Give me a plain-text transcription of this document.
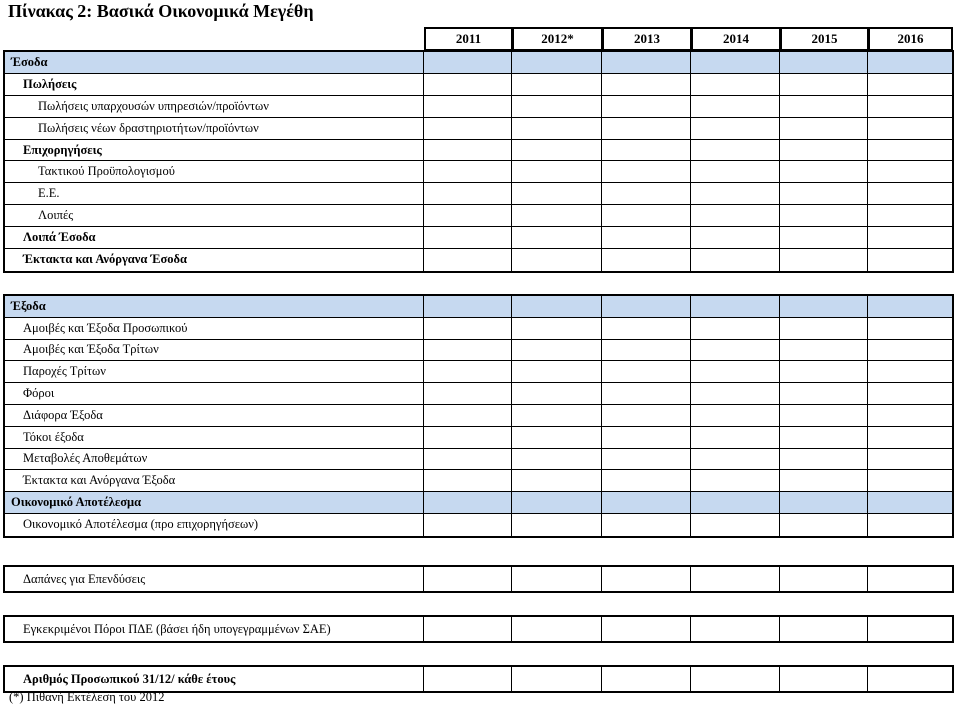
Πίνακας 2: Βασικά Οικονομικά Μεγέθη
2011	2012*	2013	2014	2015	2016
Έσοδα
Πωλήσεις
Πωλήσεις υπαρχουσών υπηρεσιών/προϊόντων
Πωλήσεις νέων δραστηριοτήτων/προϊόντων
Επιχορηγήσεις
Τακτικού Προϋπολογισμού
Ε.Ε.
Λοιπές
Λοιπά Έσοδα
Έκτακτα και Ανόργανα Έσοδα
Έξοδα
Αμοιβές και Έξοδα Προσωπικού
Αμοιβές και Έξοδα Τρίτων
Παροχές Τρίτων
Φόροι
Διάφορα Έξοδα
Τόκοι έξοδα
Μεταβολές Αποθεμάτων
Έκτακτα και Ανόργανα Έξοδα
Οικονομικό Αποτέλεσμα
Οικονομικό Αποτέλεσμα (προ επιχορηγήσεων)
Δαπάνες για Επενδύσεις
Εγκεκριμένοι Πόροι ΠΔΕ (βάσει ήδη υπογεγραμμένων ΣΑΕ)
Αριθμός Προσωπικού 31/12/ κάθε έτους
(*) Πιθανή Εκτέλεση του 2012
